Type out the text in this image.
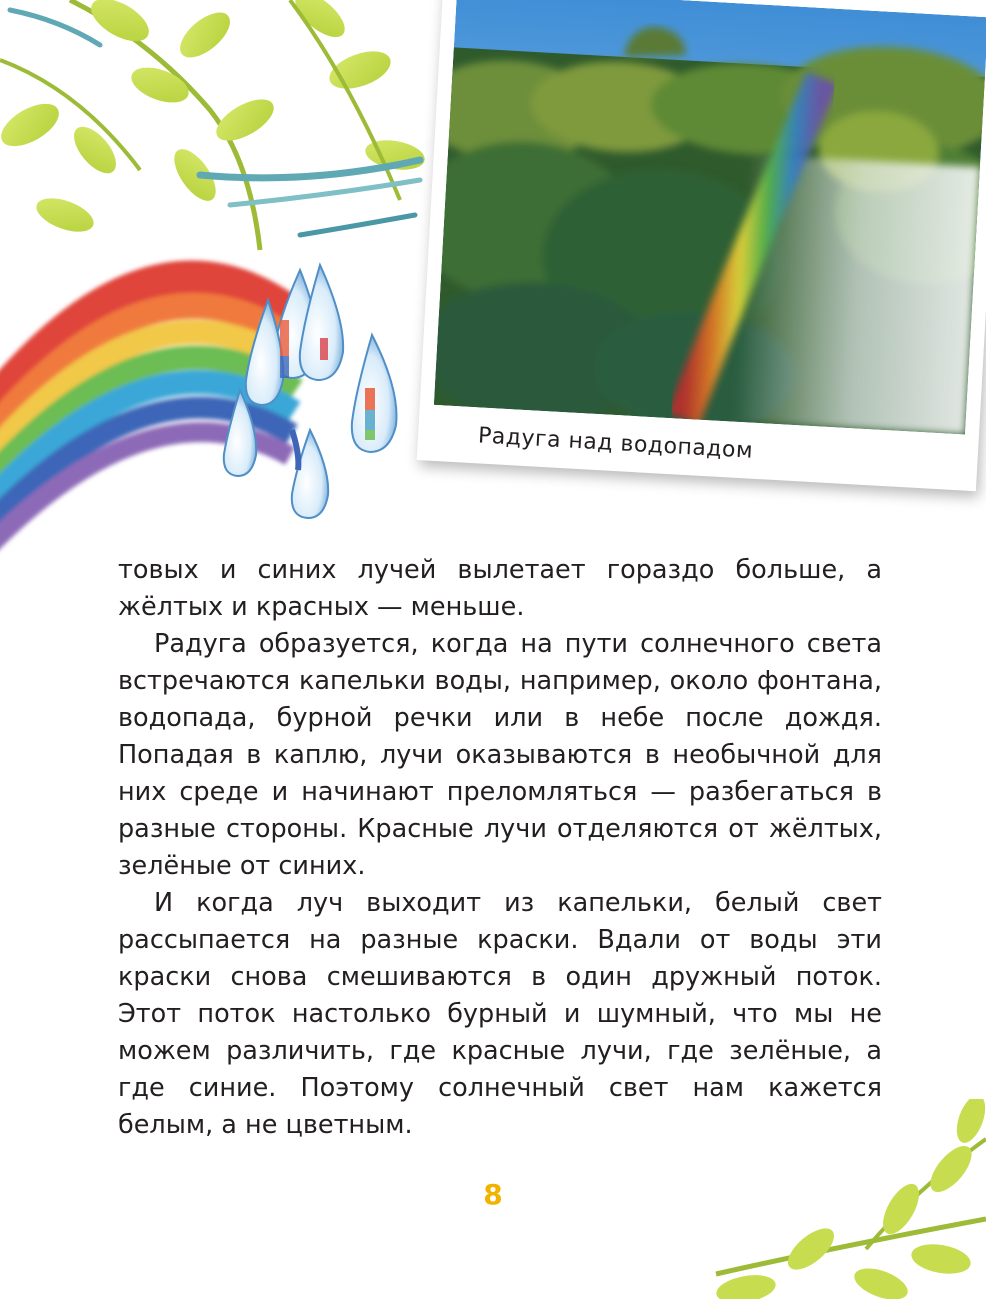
Радуга над водопадом

товых и синих лучей вылетает гораздо больше, а жёлтых и красных — меньше.

Радуга образуется, когда на пути солнечного света встречаются капельки воды, например, около фонтана, водопада, бурной речки или в небе после дождя. Попадая в каплю, лучи оказываются в необычной для них среде и начинают преломляться — разбегаться в разные стороны. Красные лучи отделяются от жёлтых, зелёные от синих.

И когда луч выходит из капельки, белый свет рассыпается на разные краски. Вдали от воды эти краски снова смешиваются в один дружный поток. Этот поток настолько бурный и шумный, что мы не можем различить, где красные лучи, где зелёные, а где синие. Поэтому солнечный свет нам кажется белым, а не цветным.

8
